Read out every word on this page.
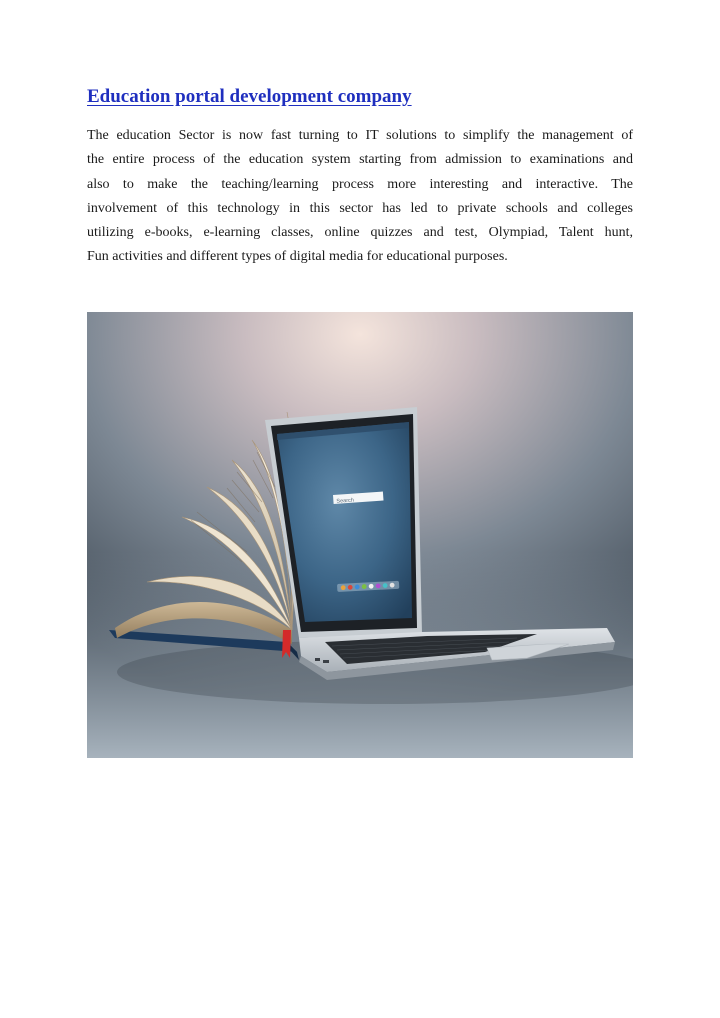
Education portal development company
The education Sector is now fast turning to IT solutions to simplify the management of
the entire process of the education system starting from admission to examinations and
also to make the teaching/learning process more interesting and interactive. The
involvement of this technology in this sector has led to private schools and colleges
utilizing e-books, e-learning classes, online quizzes and test, Olympiad, Talent hunt,
Fun activities and different types of digital media for educational purposes.
Search
